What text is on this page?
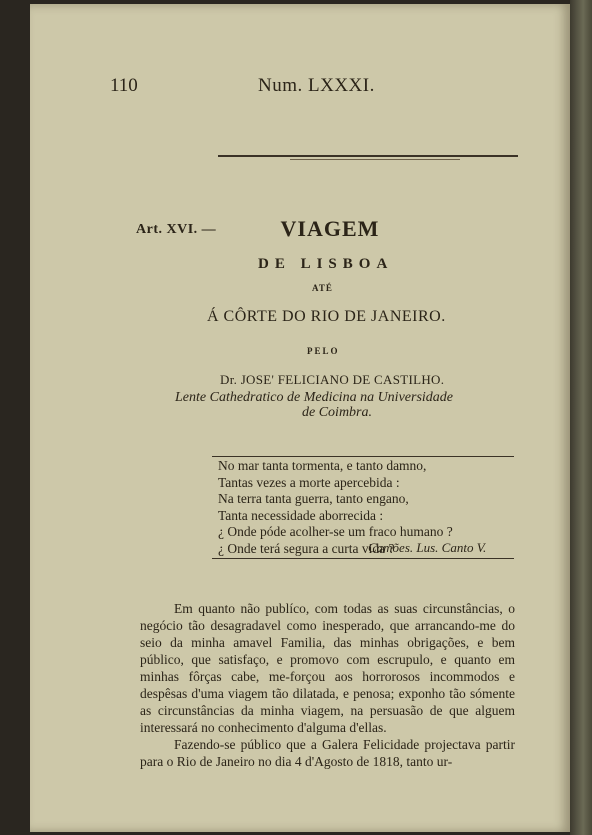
110	Num. LXXXI.
Art. XVI. —	VIAGEM
DE LISBOA
ATÉ
Á CÔRTE DO RIO DE JANEIRO.
PELO
Dr. JOSE' FELICIANO DE CASTILHO.
Lente Cathedratico de Medicina na Universidade
de Coimbra.
No mar tanta tormenta, e tanto damno,
Tantas vezes a morte apercebida :
Na terra tanta guerra, tanto engano,
Tanta necessidade aborrecida :
¿ Onde póde acolher-se um fraco humano ?
¿ Onde terá segura a curta vida ?
Camões. Lus. Canto V.

Em quanto não publíco, com todas as suas circunstâncias, o negócio tão desagradavel como inesperado, que arrancando-me do seio da minha amavel Familia, das minhas obrigações, e bem público, que satisfaço, e promovo com escrupulo, e quanto em minhas fôrças cabe, me-forçou aos horrorosos incommodos e despêsas d'uma viagem tão dilatada, e penosa; exponho tão sómente as circunstâncias da minha viagem, na persuasão de que alguem interessará no conhecimento d'alguma d'ellas.

Fazendo-se público que a Galera Felicidade projectava partir para o Rio de Janeiro no dia 4 d'Agosto de 1818, tanto ur-
